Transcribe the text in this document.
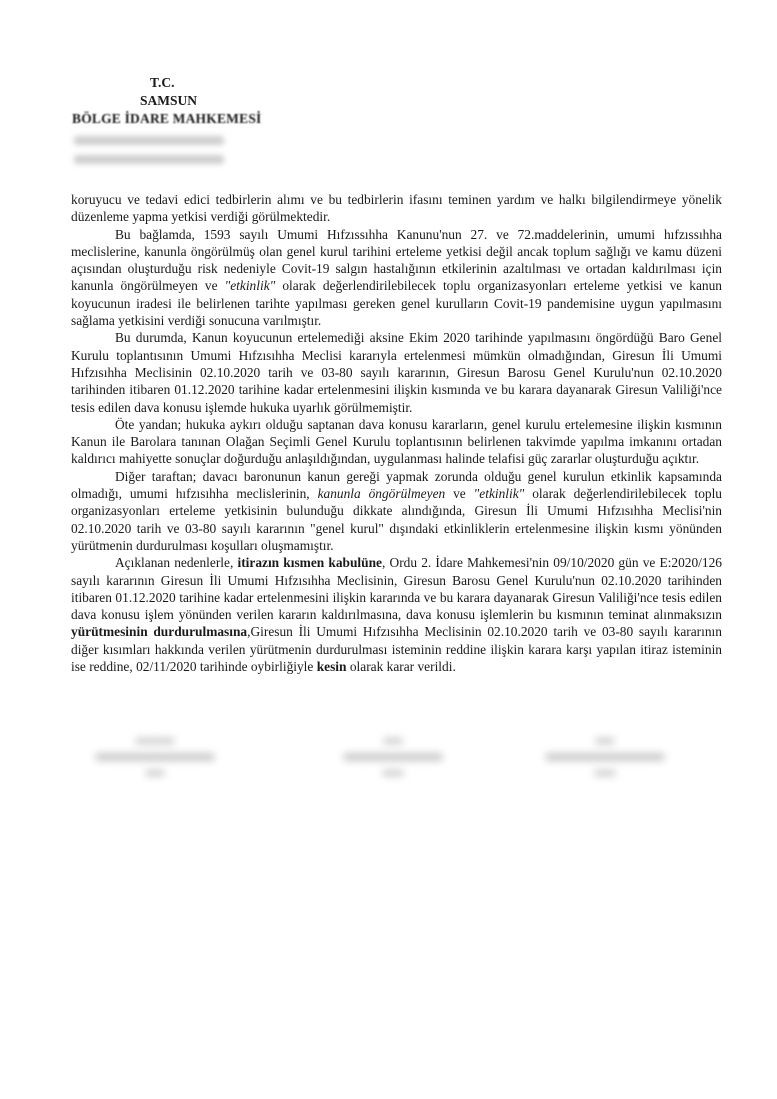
T.C.
SAMSUN
BÖLGE İDARE MAHKEMESİ

koruyucu ve tedavi edici tedbirlerin alımı ve bu tedbirlerin ifasını teminen yardım ve halkı bilgilendirmeye yönelik düzenleme yapma yetkisi verdiği görülmektedir.

Bu bağlamda, 1593 sayılı Umumi Hıfzıssıhha Kanunu'nun 27. ve 72.maddelerinin, umumi hıfzıssıhha meclislerine, kanunla öngörülmüş olan genel kurul tarihini erteleme yetkisi değil ancak toplum sağlığı ve kamu düzeni açısından oluşturduğu risk nedeniyle Covit-19 salgın hastalığının etkilerinin azaltılması ve ortadan kaldırılması için kanunla öngörülmeyen ve "etkinlik" olarak değerlendirilebilecek toplu organizasyonları erteleme yetkisi ve kanun koyucunun iradesi ile belirlenen tarihte yapılması gereken genel kurulların Covit-19 pandemisine uygun yapılmasını sağlama yetkisini verdiği sonucuna varılmıştır.

Bu durumda, Kanun koyucunun ertelemediği aksine Ekim 2020 tarihinde yapılmasını öngördüğü Baro Genel Kurulu toplantısının Umumi Hıfzısıhha Meclisi kararıyla ertelenmesi mümkün olmadığından, Giresun İli Umumi Hıfzısıhha Meclisinin 02.10.2020 tarih ve 03-80 sayılı kararının, Giresun Barosu Genel Kurulu'nun 02.10.2020 tarihinden itibaren 01.12.2020 tarihine kadar ertelenmesini ilişkin kısmında ve bu karara dayanarak Giresun Valiliği'nce tesis edilen dava konusu işlemde hukuka uyarlık görülmemiştir.

Öte yandan; hukuka aykırı olduğu saptanan dava konusu kararların, genel kurulu ertelemesine ilişkin kısmının Kanun ile Barolara tanınan Olağan Seçimli Genel Kurulu toplantısının belirlenen takvimde yapılma imkanını ortadan kaldırıcı mahiyette sonuçlar doğurduğu anlaşıldığından, uygulanması halinde telafisi güç zararlar oluşturduğu açıktır.

Diğer taraftan; davacı baronunun kanun gereği yapmak zorunda olduğu genel kurulun etkinlik kapsamında olmadığı, umumi hıfzısıhha meclislerinin, kanunla öngörülmeyen ve "etkinlik" olarak değerlendirilebilecek toplu organizasyonları erteleme yetkisinin bulunduğu dikkate alındığında, Giresun İli Umumi Hıfzısıhha Meclisi'nin 02.10.2020 tarih ve 03-80 sayılı kararının "genel kurul" dışındaki etkinliklerin ertelenmesine ilişkin kısmı yönünden yürütmenin durdurulması koşulları oluşmamıştır.

Açıklanan nedenlerle, itirazın kısmen kabulüne, Ordu 2. İdare Mahkemesi'nin 09/10/2020 gün ve E:2020/126 sayılı kararının Giresun İli Umumi Hıfzısıhha Meclisinin, Giresun Barosu Genel Kurulu'nun 02.10.2020 tarihinden itibaren 01.12.2020 tarihine kadar ertelenmesini ilişkin kararında ve bu karara dayanarak Giresun Valiliği'nce tesis edilen dava konusu işlem yönünden verilen kararın kaldırılmasına, dava konusu işlemlerin bu kısmının teminat alınmaksızın yürütmesinin durdurulmasına,Giresun İli Umumi Hıfzısıhha Meclisinin 02.10.2020 tarih ve 03-80 sayılı kararının diğer kısımları hakkında verilen yürütmenin durdurulması isteminin reddine ilişkin karara karşı yapılan itiraz isteminin ise reddine, 02/11/2020 tarihinde oybirliğiyle kesin olarak karar verildi.
